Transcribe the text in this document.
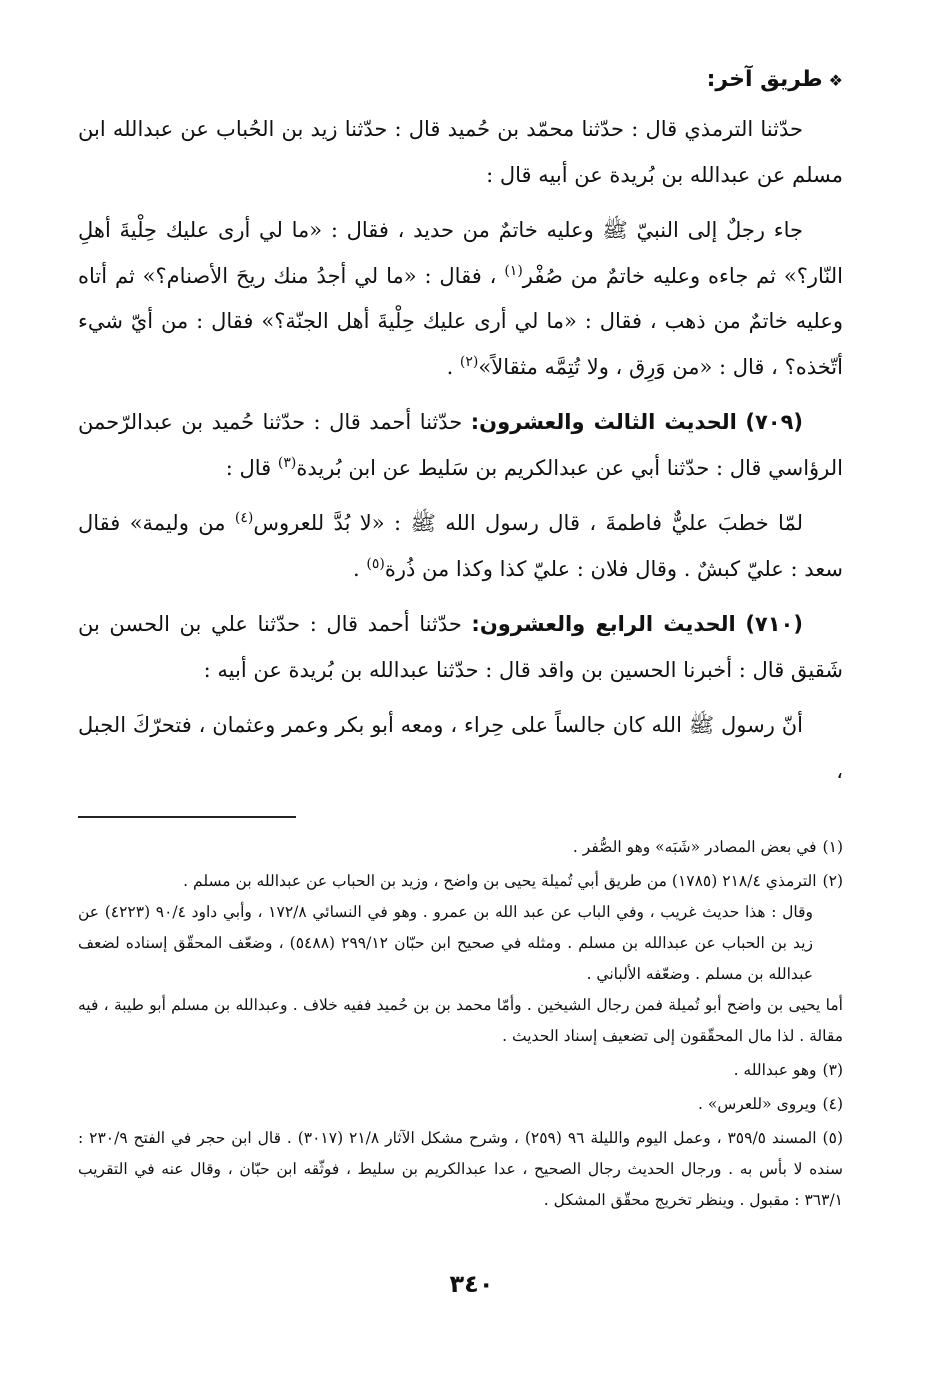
❖طريق آخر:

حدّثنا الترمذي قال : حدّثنا محمّد بن حُميد قال : حدّثنا زيد بن الحُباب عن عبدالله ابن مسلم عن عبدالله بن بُريدة عن أبيه قال :

جاء رجلٌ إلى النبيّ ﷺ وعليه خاتمٌ من حديد ، فقال : «ما لي أرى عليك حِلْيةَ أهلِ النّار؟» ثم جاءه وعليه خاتمٌ من صُفْر$^{(١)}$ ، فقال : «ما لي أجدُ منك ريحَ الأصنام؟» ثم أتاه وعليه خاتمٌ من ذهب ، فقال : «ما لي أرى عليك حِلْيةَ أهل الجنّة؟» فقال : من أيّ شيء أتّخذه؟ ، قال : «من وَرِق ، ولا تُتِمَّه مثقالاً»$^{(٢)}$ .

(٧٠٩) الحديث الثالث والعشرون: حدّثنا أحمد قال : حدّثنا حُميد بن عبدالرّحمن الرؤاسي قال : حدّثنا أبي عن عبدالكريم بن سَليط عن ابن بُريدة$^{(٣)}$ قال :

لمّا خطبَ عليٌّ فاطمةَ ، قال رسول الله ﷺ : «لا بُدَّ للعروس$^{(٤)}$ من وليمة» فقال سعد : عليّ كبشٌ . وقال فلان : عليّ كذا وكذا من ذُرة$^{(٥)}$ .

(٧١٠) الحديث الرابع والعشرون: حدّثنا أحمد قال : حدّثنا علي بن الحسن بن شَقيق قال : أخبرنا الحسين بن واقد قال : حدّثنا عبدالله بن بُريدة عن أبيه :

أنّ رسول ﷺ الله كان جالساً على حِراء ، ومعه أبو بكر وعمر وعثمان ، فتحرّكَ الجبل ،

(١)في بعض المصادر «شَبَه» وهو الصُّفر .
(٢)الترمذي ٢١٨/٤ (١٧٨٥) من طريق أبي تُميلة يحيى بن واضح ، وزيد بن الحباب عن عبدالله بن مسلم .
وقال : هذا حديث غريب ، وفي الباب عن عبد الله بن عمرو . وهو في النسائي ١٧٢/٨ ، وأبي داود ٩٠/٤ (٤٢٢٣) عن زيد بن الحباب عن عبدالله بن مسلم . ومثله في صحيح ابن حبّان ٢٩٩/١٢ (٥٤٨٨) ، وضعّف المحقّق إسناده لضعف عبدالله بن مسلم . وضعّفه الألباني .
أما يحيى بن واضح أبو تُميلة فمن رجال الشيخين . وأمّا محمد بن بن حُميد ففيه خلاف . وعبدالله بن مسلم أبو طيبة ، فيه مقالة . لذا مال المحقّقون إلى تضعيف إسناد الحديث .
(٣)وهو عبدالله .
(٤)ويروى «للعرس» .
(٥)المسند ٣٥٩/٥ ، وعمل اليوم والليلة ٩٦ (٢٥٩) ، وشرح مشكل الآثار ٢١/٨ (٣٠١٧) . قال ابن حجر في الفتح ٢٣٠/٩ : سنده لا بأس به . ورجال الحديث رجال الصحيح ، عدا عبدالكريم بن سليط ، فوثّقه ابن حبّان ، وقال عنه في التقريب ٣٦٣/١ : مقبول . وينظر تخريج محقّق المشكل .
٣٤٠
